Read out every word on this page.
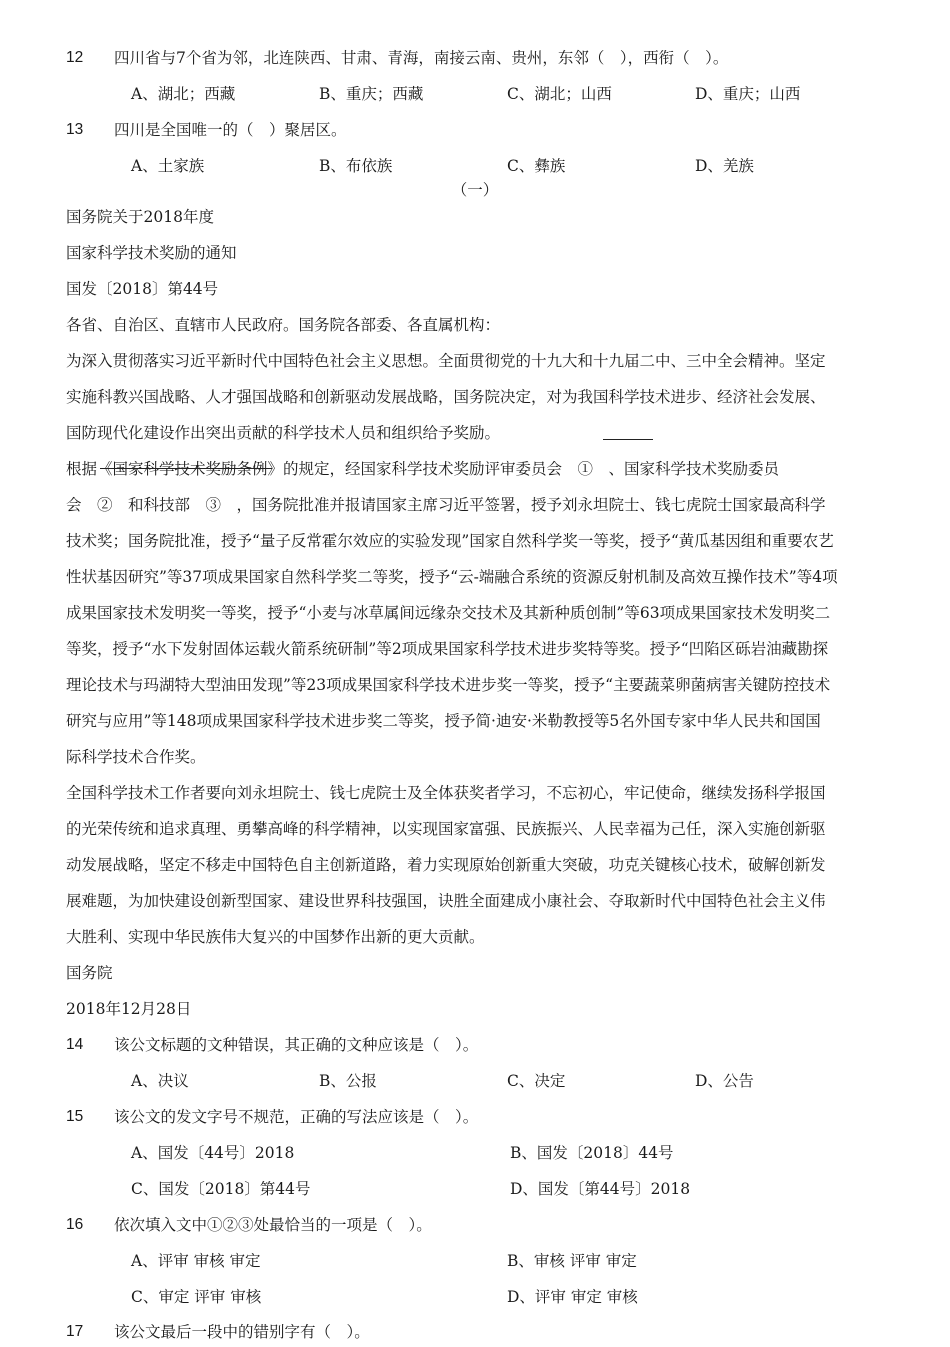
12 四川省与7个省为邻，北连陕西、甘肃、青海，南接云南、贵州，东邻（　），西衔（　）。
A、湖北；西藏	B、重庆；西藏	C、湖北；山西	D、重庆；山西
13 四川是全国唯一的（　）聚居区。
A、土家族	B、布依族	C、彝族	D、羌族
（一）
国务院关于2018年度
国家科学技术奖励的通知
国发〔2018〕第44号
各省、自治区、直辖市人民政府。国务院各部委、各直属机构：
为深入贯彻落实习近平新时代中国特色社会主义思想。全面贯彻党的十九大和十九届二中、三中全会精神。坚定
实施科教兴国战略、人才强国战略和创新驱动发展战略，国务院决定，对为我国科学技术进步、经济社会发展、
国防现代化建设作出突出贡献的科学技术人员和组织给予奖励。
根据《国家科学技术奖励条例》的规定，经国家科学技术奖励评审委员会　①　、国家科学技术奖励委员
会　②　和科技部　③　，国务院批准并报请国家主席习近平签署，授予刘永坦院士、钱七虎院士国家最高科学
技术奖；国务院批准，授予“量子反常霍尔效应的实验发现”国家自然科学奖一等奖，授予“黄瓜基因组和重要农艺
性状基因研究”等37项成果国家自然科学奖二等奖，授予“云-端融合系统的资源反射机制及高效互操作技术”等4项
成果国家技术发明奖一等奖，授予“小麦与冰草属间远缘杂交技术及其新种质创制”等63项成果国家技术发明奖二
等奖，授予“水下发射固体运载火箭系统研制”等2项成果国家科学技术进步奖特等奖。授予“凹陷区砾岩油藏勘探
理论技术与玛湖特大型油田发现”等23项成果国家科学技术进步奖一等奖，授予“主要蔬菜卵菌病害关键防控技术
研究与应用”等148项成果国家科学技术进步奖二等奖，授予简·迪安·米勒教授等5名外国专家中华人民共和国国
际科学技术合作奖。
全国科学技术工作者要向刘永坦院士、钱七虎院士及全体获奖者学习，不忘初心，牢记使命，继续发扬科学报国
的光荣传统和追求真理、勇攀高峰的科学精神，以实现国家富强、民族振兴、人民幸福为己任，深入实施创新驱
动发展战略，坚定不移走中国特色自主创新道路，着力实现原始创新重大突破，功克关键核心技术，破解创新发
展难题，为加快建设创新型国家、建设世界科技强国，诀胜全面建成小康社会、夺取新时代中国特色社会主义伟
大胜利、实现中华民族伟大复兴的中国梦作出新的更大贡献。
国务院
2018年12月28日
14 该公文标题的文种错误，其正确的文种应该是（　）。
A、决议	B、公报	C、决定	D、公告
15 该公文的发文字号不规范，正确的写法应该是（　）。
A、国发〔44号〕2018	B、国发〔2018〕44号
C、国发〔2018〕第44号	D、国发〔第44号〕2018
16 依次填入文中①②③处最恰当的一项是（　）。
A、评审 审核 审定	B、审核 评审 审定
C、审定 评审 审核	D、评审 审定 审核
17 该公文最后一段中的错别字有（　）。
